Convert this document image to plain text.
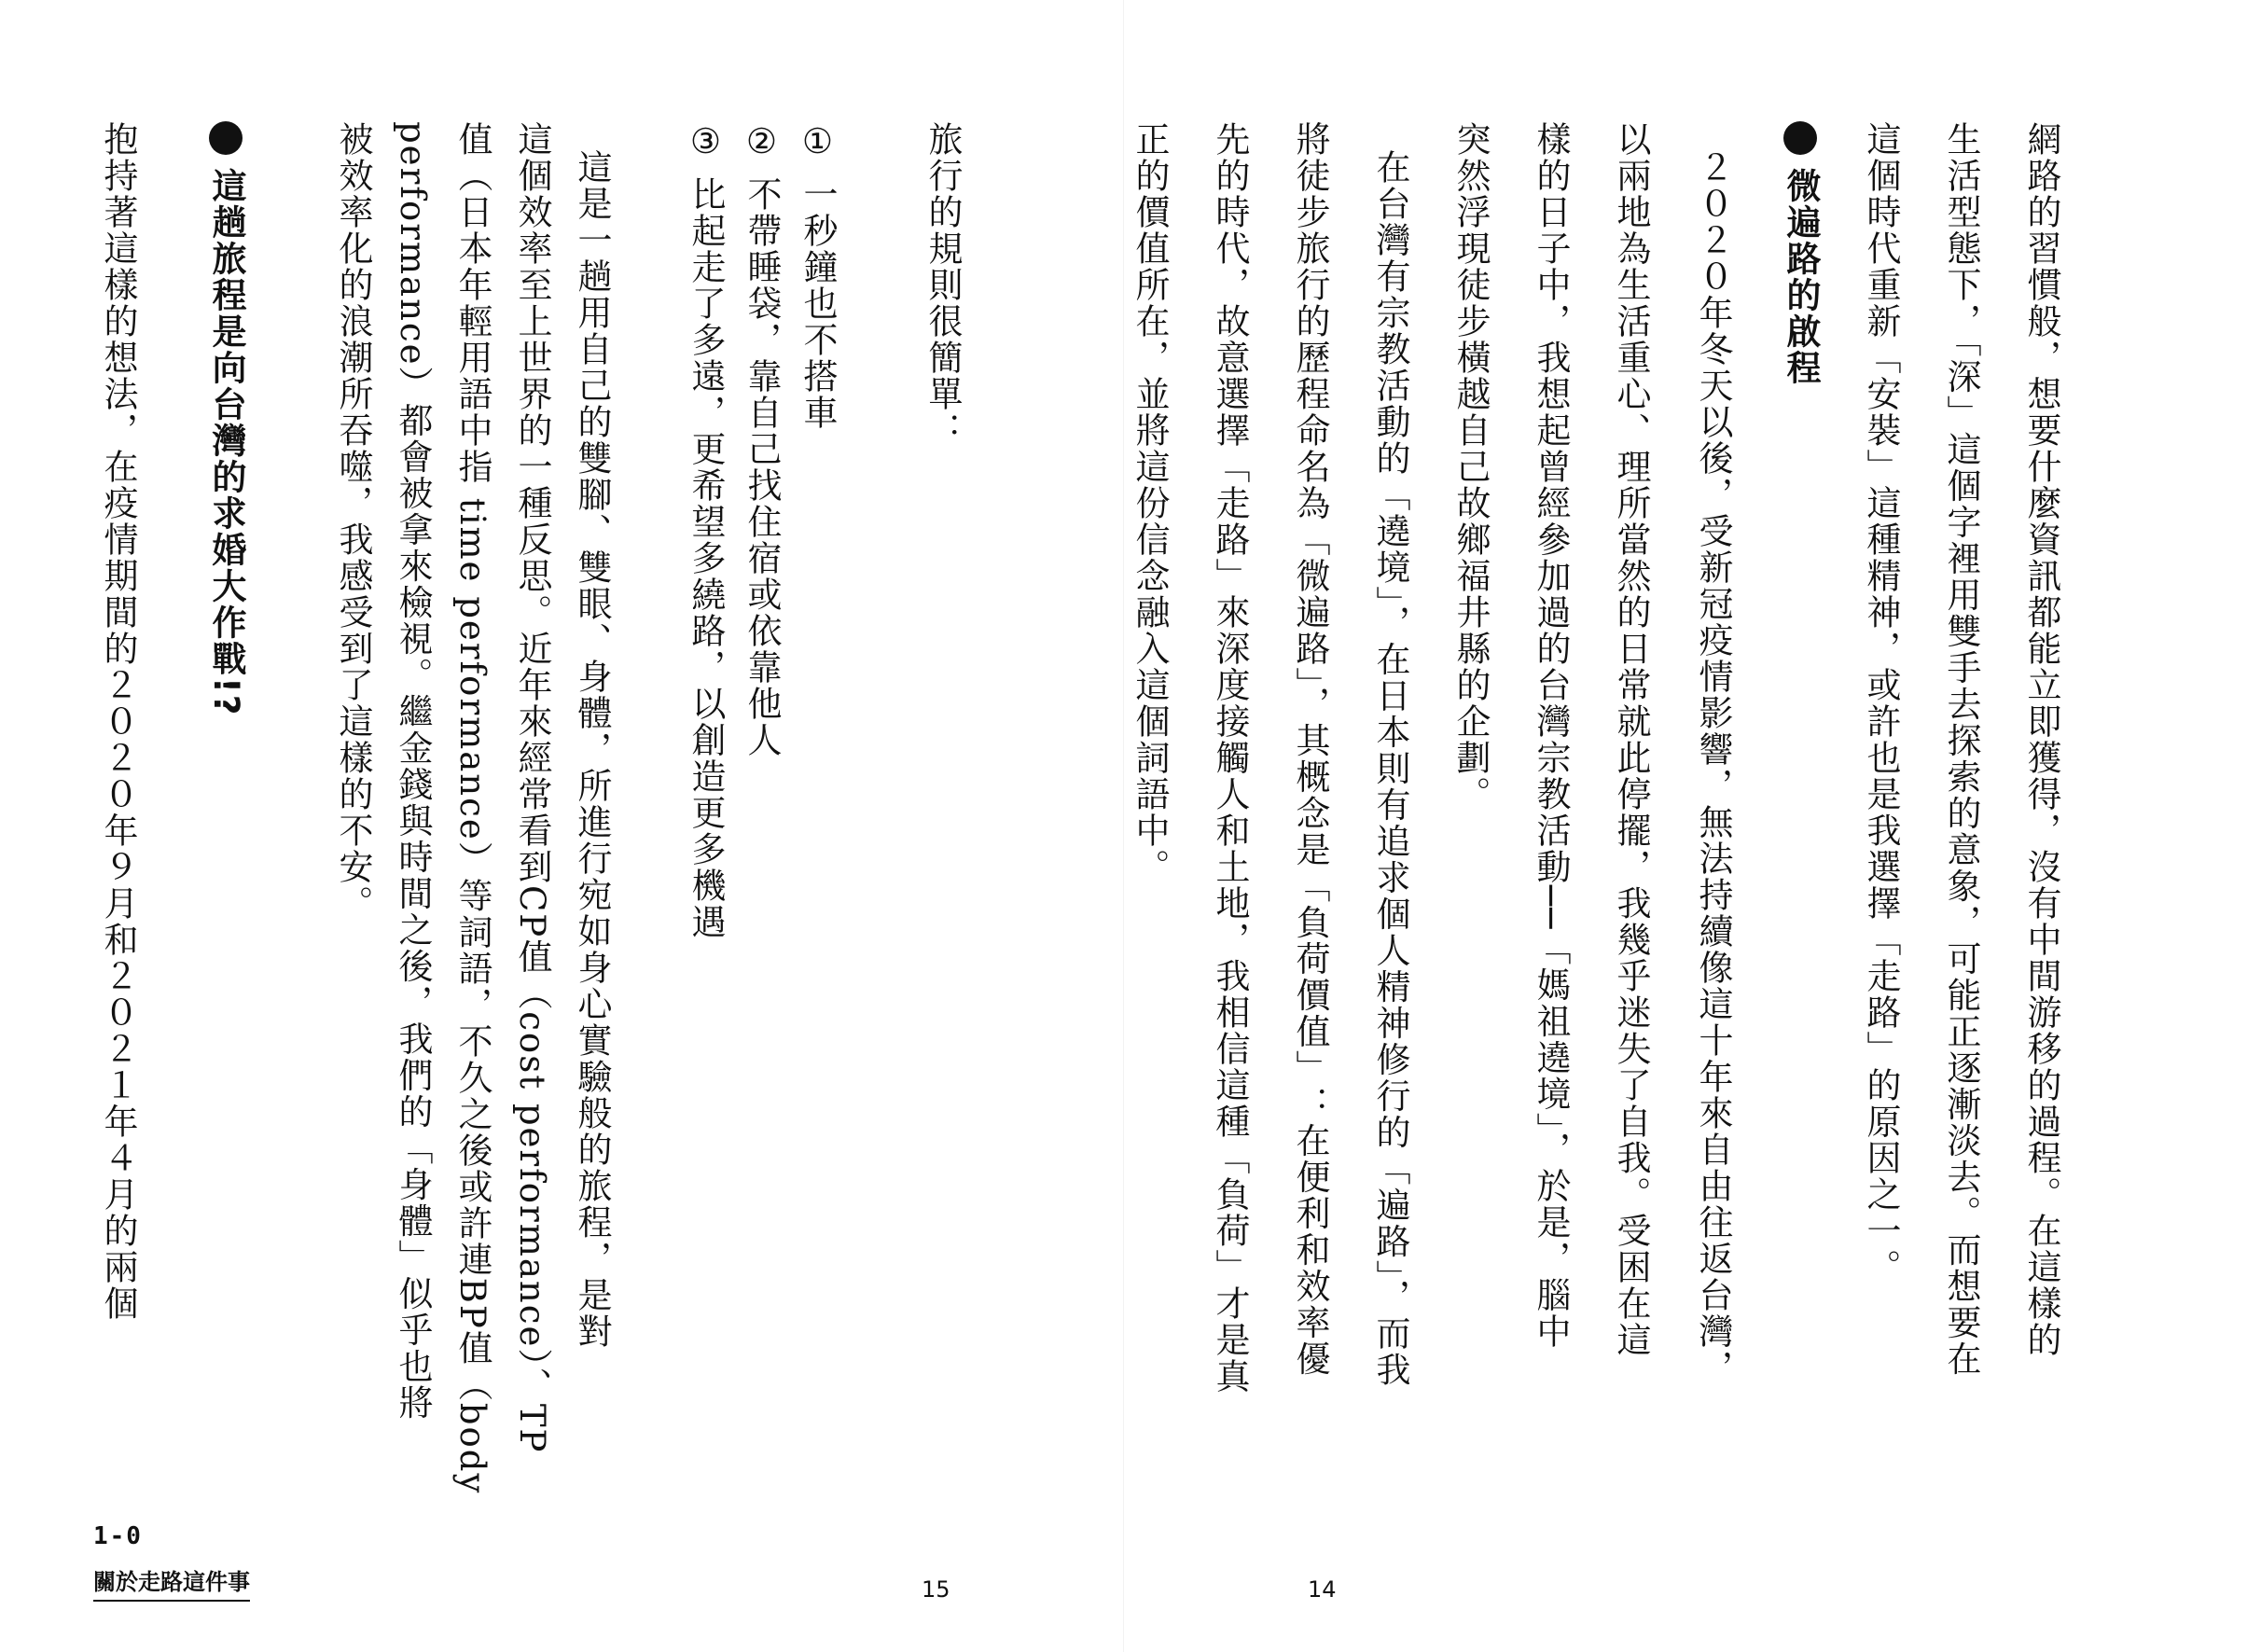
網路的習慣般，想要什麼資訊都能立即獲得，沒有中間游移的過程。在這樣的
生活型態下，「深」這個字裡用雙手去探索的意象，可能正逐漸淡去。而想要在
這個時代重新「安裝」這種精神，或許也是我選擇「走路」的原因之一。
微遍路的啟程
２０２０年冬天以後，受新冠疫情影響，無法持續像這十年來自由往返台灣，
以兩地為生活重心、理所當然的日常就此停擺，我幾乎迷失了自我。受困在這
樣的日子中，我想起曾經參加過的台灣宗教活動──「媽祖遶境」，於是，腦中
突然浮現徒步橫越自己故鄉福井縣的企劃。
在台灣有宗教活動的「遶境」，在日本則有追求個人精神修行的「遍路」，而我
將徒步旅行的歷程命名為「微遍路」，其概念是「負荷價值」：在便利和效率優
先的時代，故意選擇「走路」來深度接觸人和土地，我相信這種「負荷」才是真
正的價值所在，並將這份信念融入這個詞語中。
旅行的規則很簡單：
① 一秒鐘也不搭車
② 不帶睡袋，靠自己找住宿或依靠他人
③ 比起走了多遠，更希望多繞路，以創造更多機遇
這是一趟用自己的雙腳、雙眼、身體，所進行宛如身心實驗般的旅程，是對
這個效率至上世界的一種反思。近年來經常看到CP值（cost performance）、TP
值（日本年輕用語中指 time performance）等詞語，不久之後或許連BP值（body
performance）都會被拿來檢視。繼金錢與時間之後，我們的「身體」似乎也將
被效率化的浪潮所吞噬，我感受到了這樣的不安。
這趟旅程是向台灣的求婚大作戰!?
抱持著這樣的想法，在疫情期間的２０２０年９月和２０２１年４月的兩個
1-0
關於走路這件事	15	14
